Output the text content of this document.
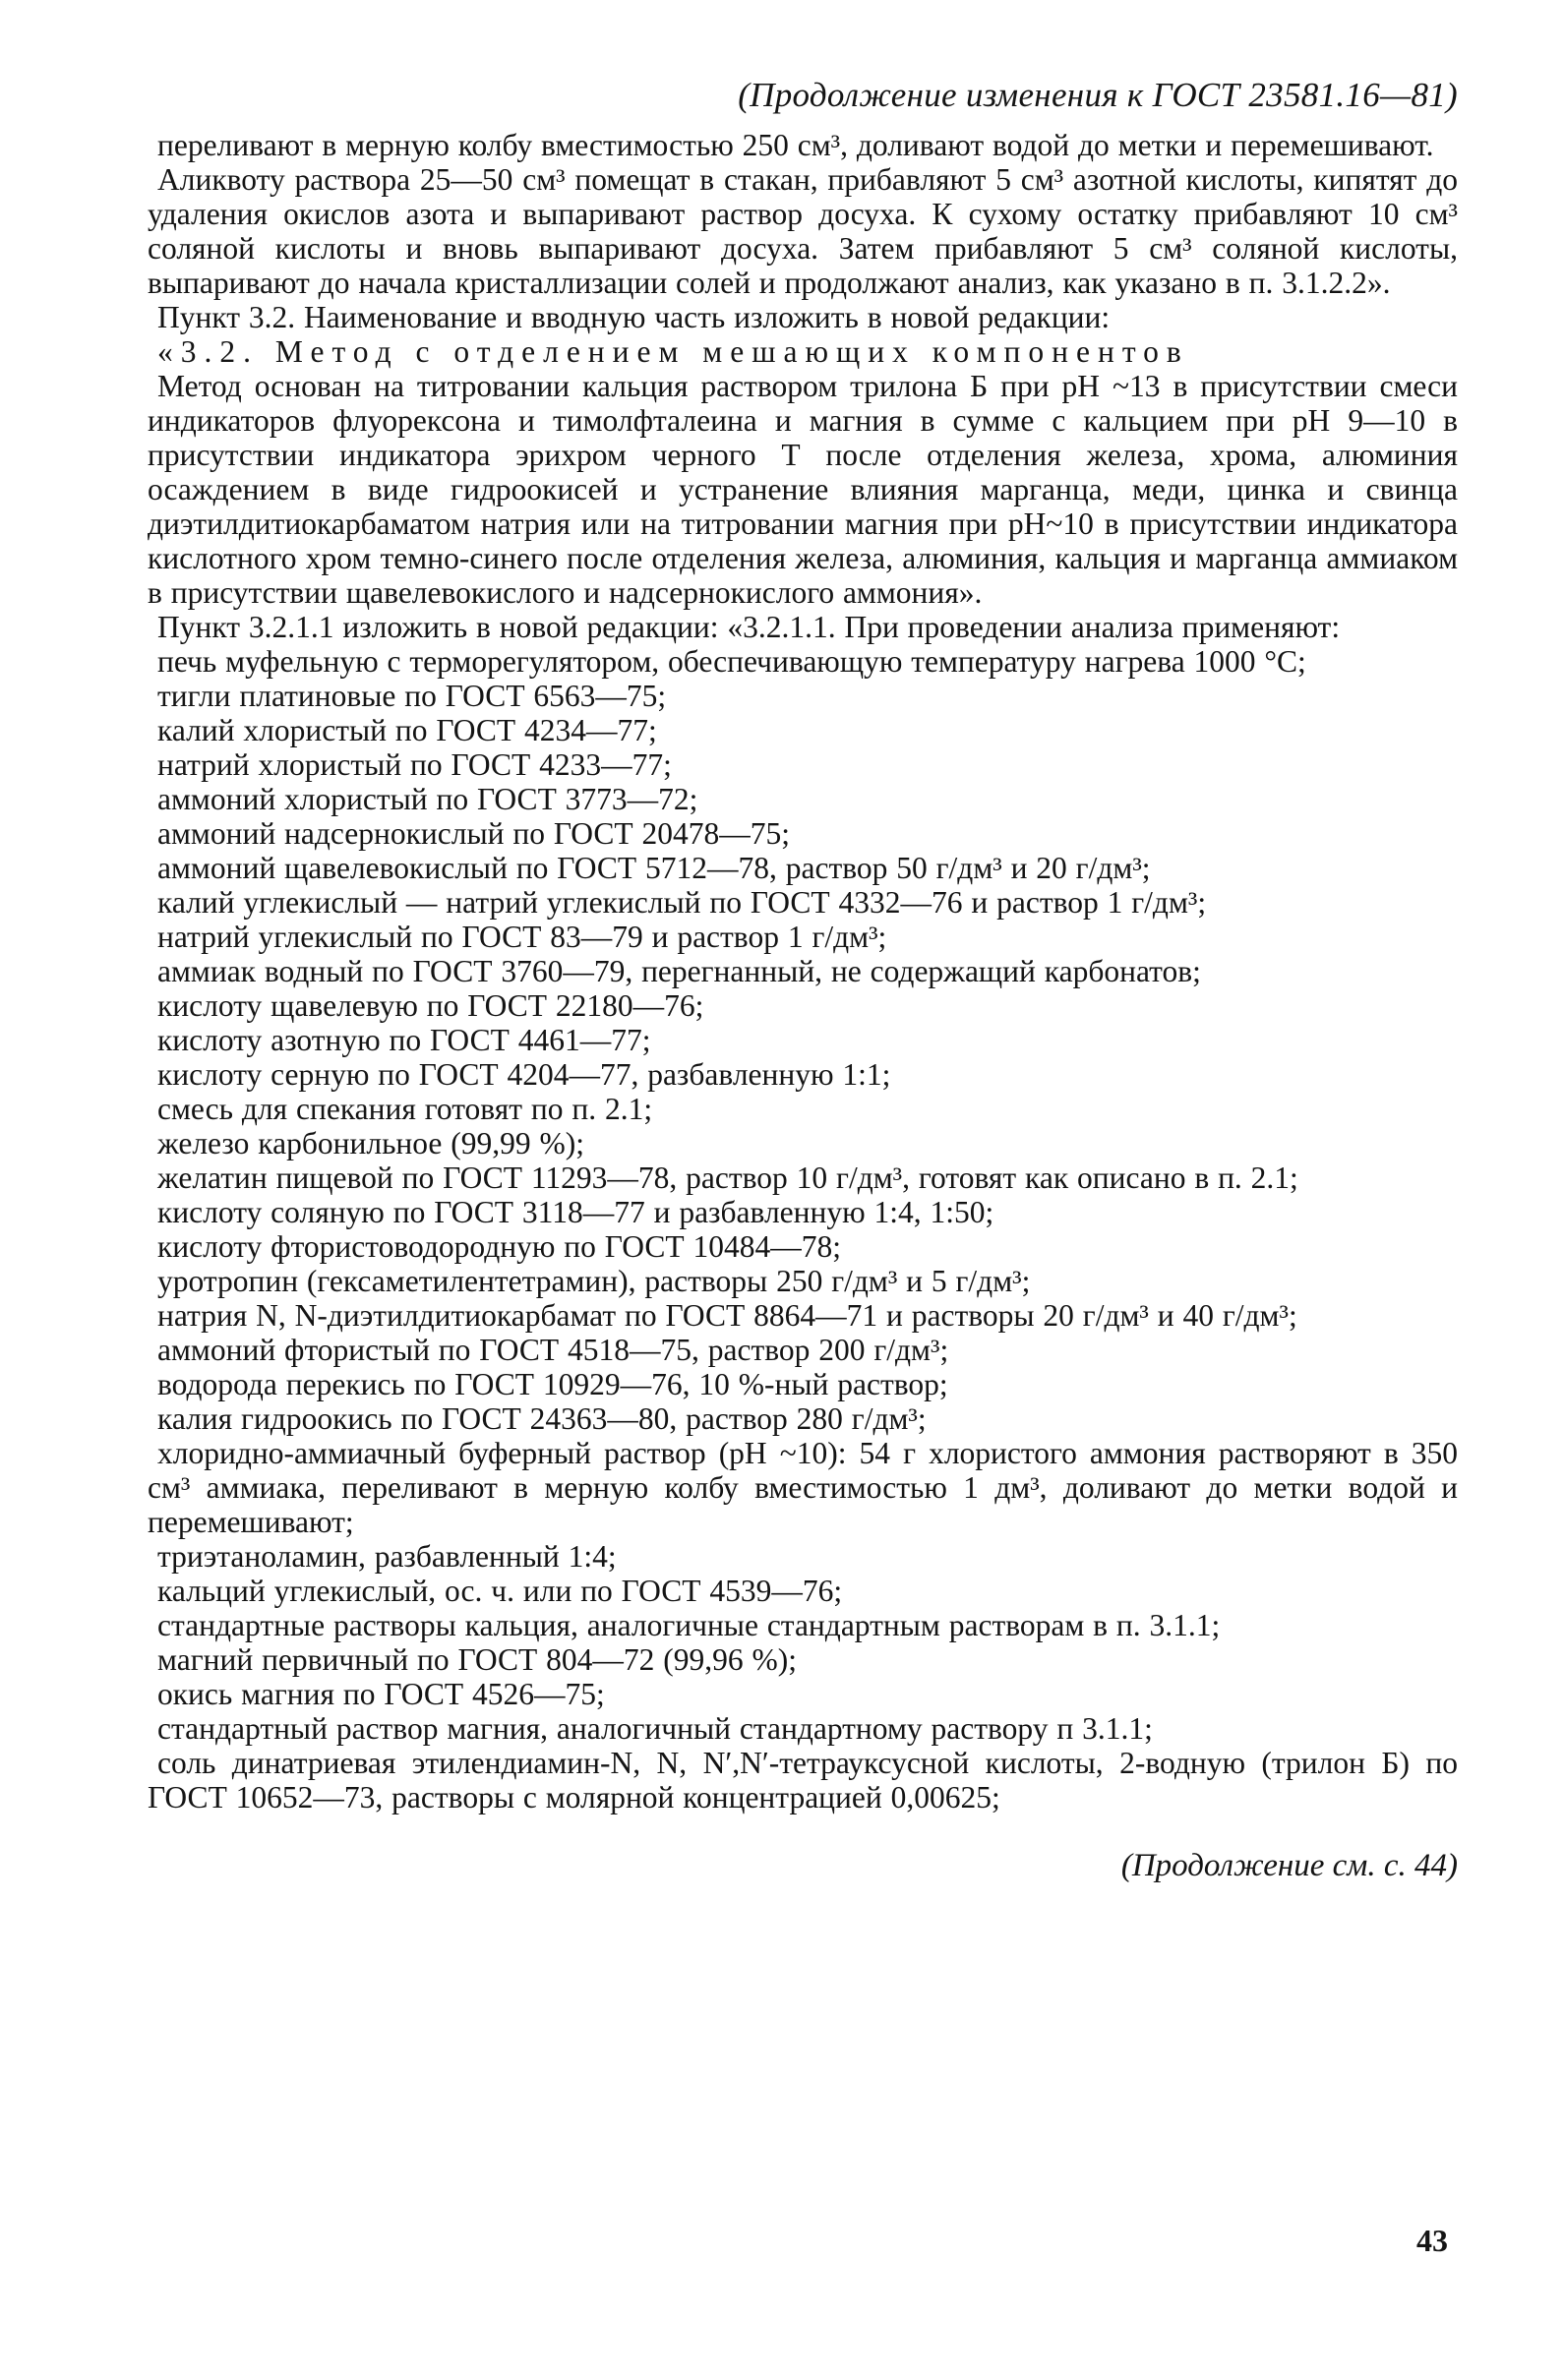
(Продолжение изменения к ГОСТ 23581.16—81)

переливают в мерную колбу вместимостью 250 см³, доливают водой до метки и перемешивают.

Аликвоту раствора 25—50 см³ помещат в стакан, прибавляют 5 см³ азотной кислоты, кипятят до удаления окислов азота и выпаривают раствор досуха. К сухому остатку прибавляют 10 см³ соляной кислоты и вновь выпаривают досуха. Затем прибавляют 5 см³ соляной кислоты, выпаривают до начала кристаллизации солей и продолжают анализ, как указано в п. 3.1.2.2».

Пункт 3.2. Наименование и вводную часть изложить в новой редакции:

«3.2. Метод с отделением мешающих компонентов

Метод основан на титровании кальция раствором трилона Б при рН ~13 в присутствии смеси индикаторов флуорексона и тимолфталеина и магния в сумме с кальцием при рН 9—10 в присутствии индикатора эрихром черного Т после отделения железа, хрома, алюминия осаждением в виде гидроокисей и устранение влияния марганца, меди, цинка и свинца диэтилдитиокарбаматом натрия или на титровании магния при рН~10 в присутствии индикатора кислотного хром темно-синего после отделения железа, алюминия, кальция и марганца аммиаком в присутствии щавелевокислого и надсернокислого аммония».

Пункт 3.2.1.1 изложить в новой редакции: «3.2.1.1. При проведении анализа применяют:

печь муфельную с терморегулятором, обеспечивающую температуру нагрева 1000 °С;

тигли платиновые по ГОСТ 6563—75;

калий хлористый по ГОСТ 4234—77;

натрий хлористый по ГОСТ 4233—77;

аммоний хлористый по ГОСТ 3773—72;

аммоний надсернокислый по ГОСТ 20478—75;

аммоний щавелевокислый по ГОСТ 5712—78, раствор 50 г/дм³ и 20 г/дм³;

калий углекислый — натрий углекислый по ГОСТ 4332—76 и раствор 1 г/дм³;

натрий углекислый по ГОСТ 83—79 и раствор 1 г/дм³;

аммиак водный по ГОСТ 3760—79, перегнанный, не содержащий карбонатов;

кислоту щавелевую по ГОСТ 22180—76;

кислоту азотную по ГОСТ 4461—77;

кислоту серную по ГОСТ 4204—77, разбавленную 1:1;

смесь для спекания готовят по п. 2.1;

железо карбонильное (99,99 %);

желатин пищевой по ГОСТ 11293—78, раствор 10 г/дм³, готовят как описано в п. 2.1;

кислоту соляную по ГОСТ 3118—77 и разбавленную 1:4, 1:50;

кислоту фтористоводородную по ГОСТ 10484—78;

уротропин (гексаметилентетрамин), растворы 250 г/дм³ и 5 г/дм³;

натрия N, N-диэтилдитиокарбамат по ГОСТ 8864—71 и растворы 20 г/дм³ и 40 г/дм³;

аммоний фтористый по ГОСТ 4518—75, раствор 200 г/дм³;

водорода перекись по ГОСТ 10929—76, 10 %-ный раствор;

калия гидроокись по ГОСТ 24363—80, раствор 280 г/дм³;

хлоридно-аммиачный буферный раствор (рН ~10): 54 г хлористого аммония растворяют в 350 см³ аммиака, переливают в мерную колбу вместимостью 1 дм³, доливают до метки водой и перемешивают;

триэтаноламин, разбавленный 1:4;

кальций углекислый, ос. ч. или по ГОСТ 4539—76;

стандартные растворы кальция, аналогичные стандартным растворам в п. 3.1.1;

магний первичный по ГОСТ 804—72 (99,96 %);

окись магния по ГОСТ 4526—75;

стандартный раствор магния, аналогичный стандартному раствору п 3.1.1;

соль динатриевая этилендиамин-N, N, N′,N′-тетрауксусной кислоты, 2-водную (трилон Б) по ГОСТ 10652—73, растворы с молярной концентрацией 0,00625;

(Продолжение см. с. 44)
43
